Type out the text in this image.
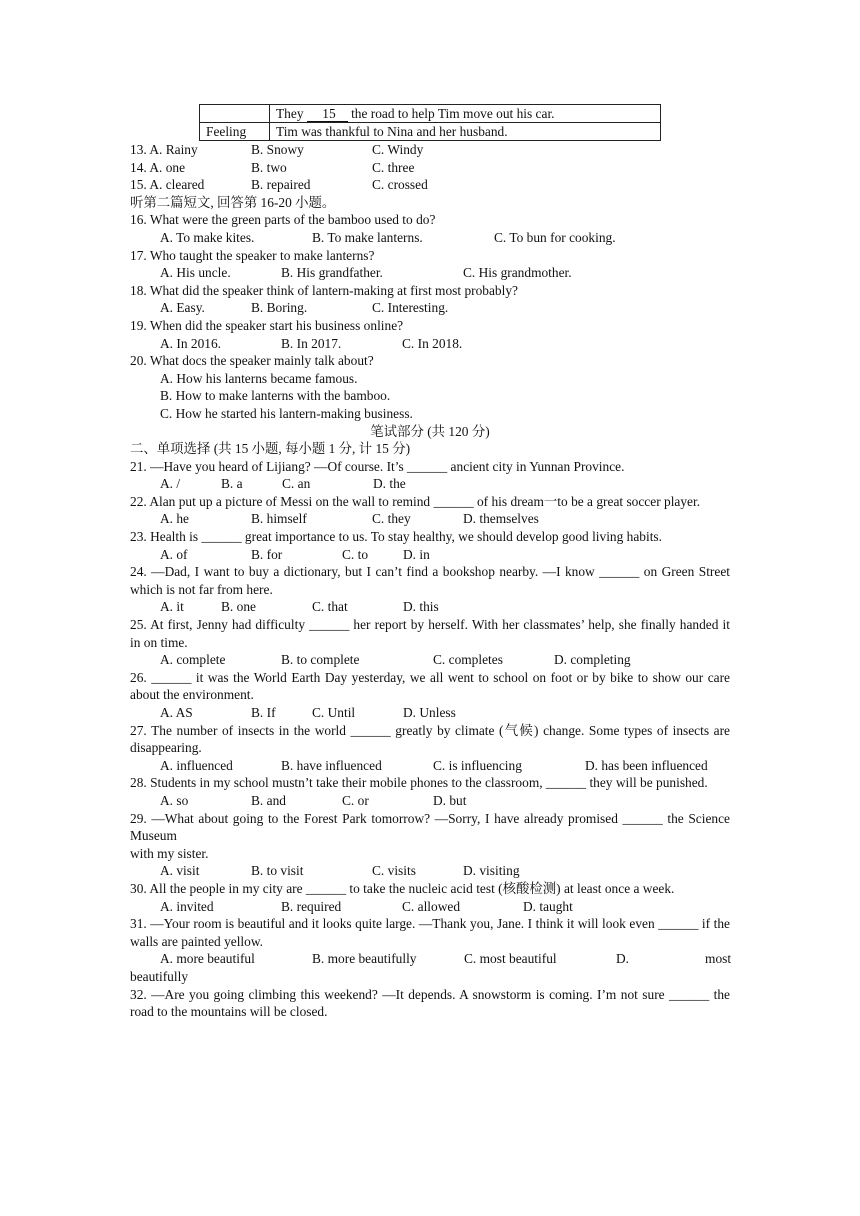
	They 15 the road to help Tim move out his car.
Feeling	Tim was thankful to Nina and her husband.
13. A. Rainy	B. Snowy	C. Windy
14. A. one	B. two	C. three
15. A. cleared	B. repaired	C. crossed
听第二篇短文, 回答第 16-20 小题。
16. What were the green parts of the bamboo used to do?
A. To make kites.	B. To make lanterns.	C. To bun for cooking.
17. Who taught the speaker to make lanterns?
A. His uncle.	B. His grandfather.	C. His grandmother.
18. What did the speaker think of lantern-making at first most probably?
A. Easy.	B. Boring.	C. Interesting.
19. When did the speaker start his business online?
A. In 2016.	B. In 2017.	C. In 2018.
20. What docs the speaker mainly talk about?
A. How his lanterns became famous.
B. How to make lanterns with the bamboo.
C. How he started his lantern-making business.
笔试部分 (共 120 分)
二、单项选择 (共 15 小题, 每小题 1 分, 计 15 分)
21. —Have you heard of Lijiang? —Of course. It’s ______ ancient city in Yunnan Province.
A. /	B. a	C. an	D. the
22. Alan put up a picture of Messi on the wall to remind ______ of his dream一to be a great soccer player.
A. he	B. himself	C. they	D. themselves
23. Health is ______ great importance to us. To stay healthy, we should develop good living habits.
A. of	B. for	C. to	D. in
24. —Dad, I want to buy a dictionary, but I can’t find a bookshop nearby. —I know ______ on Green Street which is not far from here.
A. it	B. one	C. that	D. this
25. At first, Jenny had difficulty ______ her report by herself. With her classmates’ help, she finally handed it in on time.
A. complete	B. to complete	C. completes	D. completing
26. ______ it was the World Earth Day yesterday, we all went to school on foot or by bike to show our care about the environment.
A. AS	B. If	C. Until	D. Unless
27. The number of insects in the world ______ greatly by climate (气候) change. Some types of insects are disappearing.
A. influenced	B. have influenced	C. is influencing	D. has been influenced
28. Students in my school mustn’t take their mobile phones to the classroom, ______ they will be punished.
A. so	B. and	C. or	D. but
29. —What about going to the Forest Park tomorrow? —Sorry, I have already promised ______ the Science Museum
with my sister.
A. visit	B. to visit	C. visits	D. visiting
30. All the people in my city are ______ to take the nucleic acid test (核酸检测) at least once a week.
A. invited	B. required	C. allowed	D. taught
31. —Your room is beautiful and it looks quite large. —Thank you, Jane. I think it will look even ______ if the walls are painted yellow.
A. more beautiful	B. more beautifully	C. most beautiful	D.	most
beautifully
32. —Are you going climbing this weekend? —It depends. A snowstorm is coming. I’m not sure ______ the road to the mountains will be closed.
